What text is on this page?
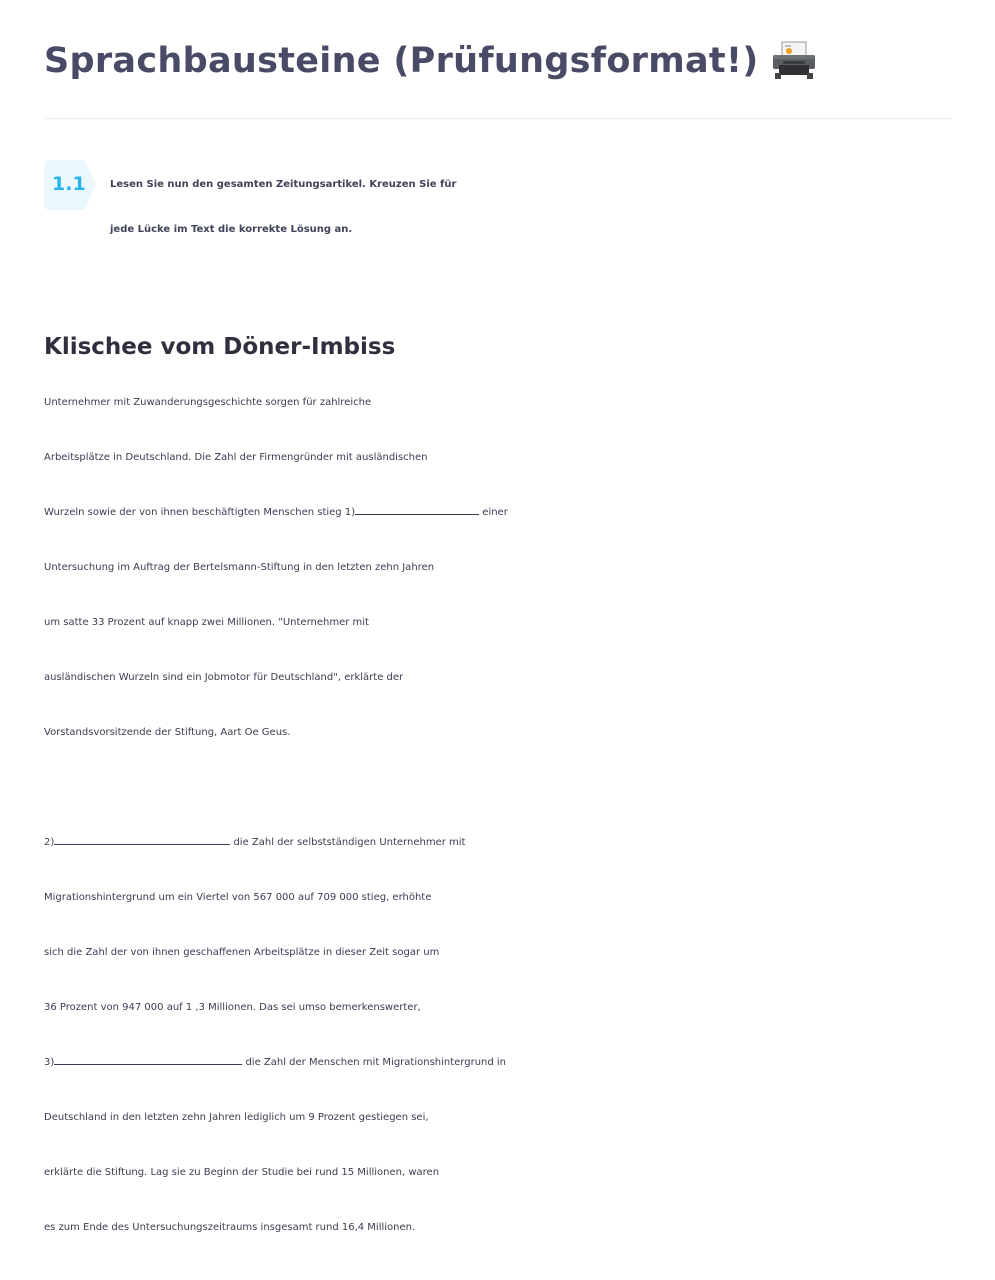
Sprachbausteine (Prüfungsformat!)
1.1 Lesen Sie nun den gesamten Zeitungsartikel. Kreuzen Sie für
jede Lücke im Text die korrekte Lösung an.
Klischee vom Döner-Imbiss
Unternehmer mit Zuwanderungsgeschichte sorgen für zahlreiche
Arbeitsplätze in Deutschland. Die Zahl der Firmengründer mit ausländischen
Wurzeln sowie der von ihnen beschäftigten Menschen stieg 1)	einer
Untersuchung im Auftrag der Bertelsmann-Stiftung in den letzten zehn Jahren
um satte 33 Prozent auf knapp zwei Millionen. "Unternehmer mit
ausländischen Wurzeln sind ein Jobmotor für Deutschland", erklärte der
Vorstandsvorsitzende der Stiftung, Aart Oe Geus.
2)	die Zahl der selbstständigen Unternehmer mit
Migrationshintergrund um ein Viertel von 567 000 auf 709 000 stieg, erhöhte
sich die Zahl der von ihnen geschaffenen Arbeitsplätze in dieser Zeit sogar um
36 Prozent von 947 000 auf 1 ,3 Millionen. Das sei umso bemerkenswerter,
3)	die Zahl der Menschen mit Migrationshintergrund in
Deutschland in den letzten zehn Jahren lediglich um 9 Prozent gestiegen sei,
erklärte die Stiftung. Lag sie zu Beginn der Studie bei rund 15 Millionen, waren
es zum Ende des Untersuchungszeitraums insgesamt rund 16,4 Millionen.
